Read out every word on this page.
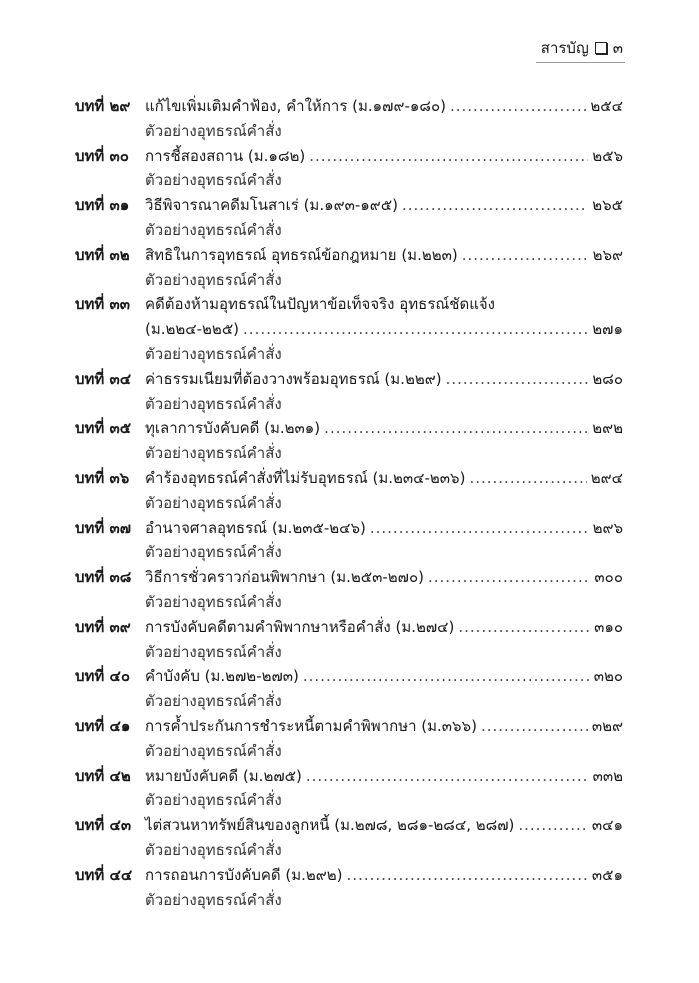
สารบัญ ๓
บทที่ ๒๙ แก้ไขเพิ่มเติมคำฟ้อง, คำให้การ (ม.๑๗๙-๑๘๐) .....	๒๕๔
ตัวอย่างอุทธรณ์คำสั่ง
บทที่ ๓๐	การชี้สองสถาน (ม.๑๘๒) .....	๒๕๖
ตัวอย่างอุทธรณ์คำสั่ง
บทที่ ๓๑	วิธีพิจารณาคดีมโนสาเร่ (ม.๑๙๓-๑๙๕) .....	๒๖๕
ตัวอย่างอุทธรณ์คำสั่ง
บทที่ ๓๒	สิทธิในการอุทธรณ์ อุทธรณ์ข้อกฎหมาย (ม.๒๒๓) .....	๒๖๙
ตัวอย่างอุทธรณ์คำสั่ง
บทที่ ๓๓ คดีต้องห้ามอุทธรณ์ในปัญหาข้อเท็จจริง อุทธรณ์ชัดแจ้ง
(ม.๒๒๔-๒๒๕) .....	๒๗๑
ตัวอย่างอุทธรณ์คำสั่ง
บทที่ ๓๔ ค่าธรรมเนียมที่ต้องวางพร้อมอุทธรณ์ (ม.๒๒๙) .....	๒๘๐
ตัวอย่างอุทธรณ์คำสั่ง
บทที่ ๓๕ ทุเลาการบังคับคดี (ม.๒๓๑) .....	๒๙๒
ตัวอย่างอุทธรณ์คำสั่ง
บทที่ ๓๖	คำร้องอุทธรณ์คำสั่งที่ไม่รับอุทธรณ์ (ม.๒๓๔-๒๓๖) .....	๒๙๔
ตัวอย่างอุทธรณ์คำสั่ง
บทที่ ๓๗ อำนาจศาลอุทธรณ์ (ม.๒๓๕-๒๔๖) .....	๒๙๖
ตัวอย่างอุทธรณ์คำสั่ง
บทที่ ๓๘ วิธีการชั่วคราวก่อนพิพากษา (ม.๒๕๓-๒๗๐) .....	๓๐๐
ตัวอย่างอุทธรณ์คำสั่ง
บทที่ ๓๙ การบังคับคดีตามคำพิพากษาหรือคำสั่ง (ม.๒๗๔) .....	๓๑๐
ตัวอย่างอุทธรณ์คำสั่ง
บทที่ ๔๐ คำบังคับ (ม.๒๗๒-๒๗๓) .....	๓๒๐
ตัวอย่างอุทธรณ์คำสั่ง
บทที่ ๔๑ การค้ำประกันการชำระหนี้ตามคำพิพากษา (ม.๓๖๖) .....	๓๒๙
ตัวอย่างอุทธรณ์คำสั่ง
บทที่ ๔๒ หมายบังคับคดี (ม.๒๗๕) .....	๓๓๒
ตัวอย่างอุทธรณ์คำสั่ง
บทที่ ๔๓ ไต่สวนหาทรัพย์สินของลูกหนี้ (ม.๒๗๘, ๒๘๑-๒๘๔, ๒๘๗) .....	๓๔๑
ตัวอย่างอุทธรณ์คำสั่ง
บทที่ ๔๔ การถอนการบังคับคดี (ม.๒๙๒) .....	๓๕๑
ตัวอย่างอุทธรณ์คำสั่ง
